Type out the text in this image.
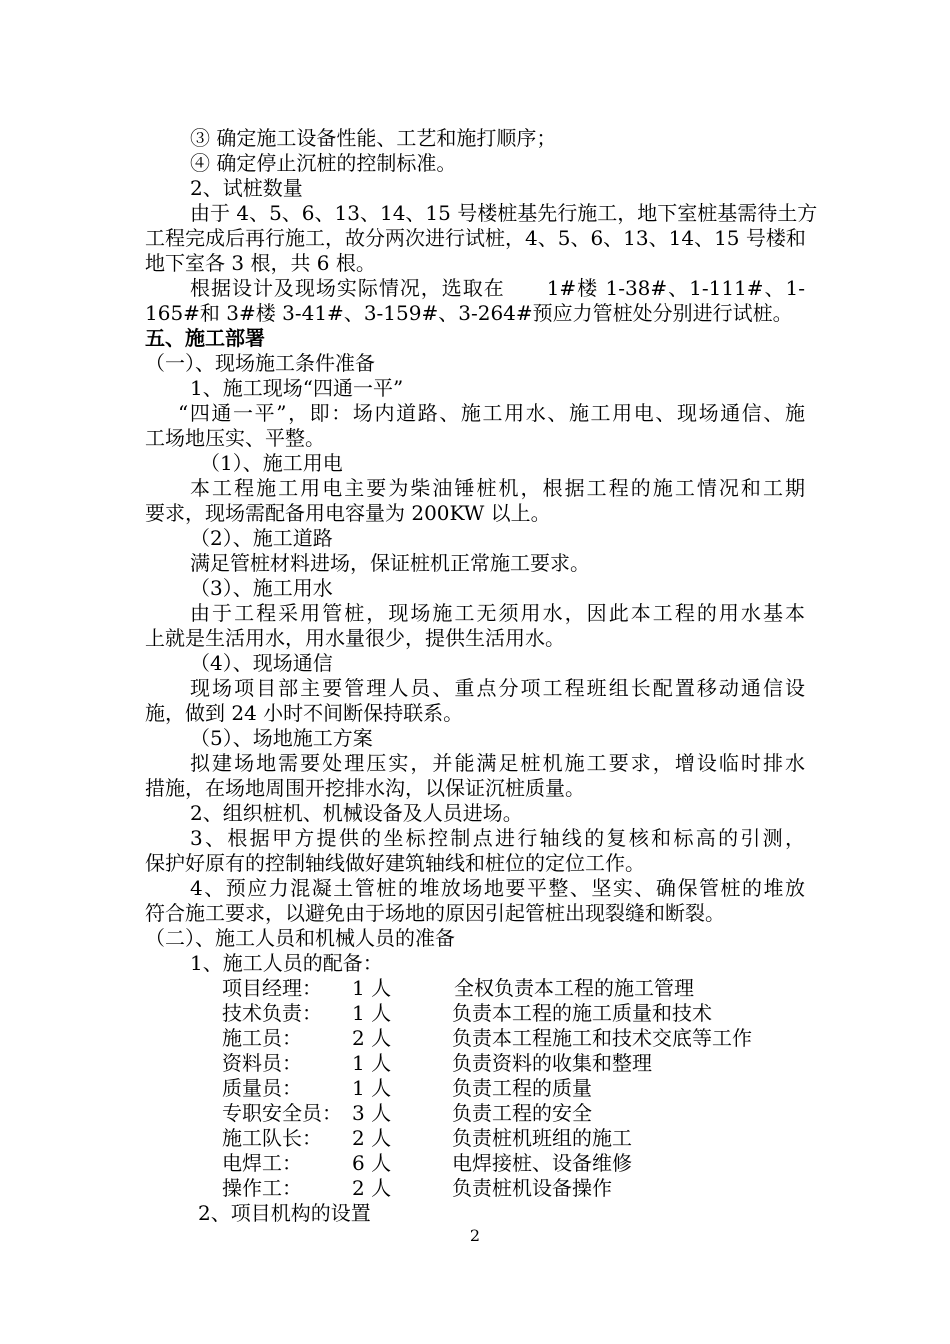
③ 确定施工设备性能、工艺和施打顺序；
④ 确定停止沉桩的控制标准。
2、试桩数量
由于 4、5、6、13、14、15 号楼桩基先行施工，地下室桩基需待土方
工程完成后再行施工，故分两次进行试桩，4、5、6、13、14、15 号楼和
地下室各 3 根，共 6 根。
根据设计及现场实际情况，选取在　　1#楼 1-38#、1-111#、1-
165#和 3#楼 3-41#、3-159#、3-264#预应力管桩处分别进行试桩。
五、施工部署
（一）、现场施工条件准备
1、施工现场“四通一平”
“四通一平”，即：场内道路、施工用水、施工用电、现场通信、施
工场地压实、平整。
（1）、施工用电
本工程施工用电主要为柴油锤桩机，根据工程的施工情况和工期
要求，现场需配备用电容量为 200KW 以上。
（2）、施工道路
满足管桩材料进场，保证桩机正常施工要求。
（3）、施工用水
由于工程采用管桩，现场施工无须用水，因此本工程的用水基本
上就是生活用水，用水量很少，提供生活用水。
（4）、现场通信
现场项目部主要管理人员、重点分项工程班组长配置移动通信设
施，做到 24 小时不间断保持联系。
（5）、场地施工方案
拟建场地需要处理压实，并能满足桩机施工要求，增设临时排水
措施，在场地周围开挖排水沟，以保证沉桩质量。
2、组织桩机、机械设备及人员进场。
3、根据甲方提供的坐标控制点进行轴线的复核和标高的引测，
保护好原有的控制轴线做好建筑轴线和桩位的定位工作。
4、预应力混凝土管桩的堆放场地要平整、坚实、确保管桩的堆放
符合施工要求，以避免由于场地的原因引起管桩出现裂缝和断裂。
（二）、施工人员和机械人员的准备
1、施工人员的配备：
项目经理： 1 人	全权负责本工程的施工管理
技术负责： 1 人	负责本工程的施工质量和技术
施工员：	2 人	负责本工程施工和技术交底等工作
资料员：	1 人	负责资料的收集和整理
质量员：	1 人	负责工程的质量
专职安全员： 3 人	负责工程的安全
施工队长： 2 人	负责桩机班组的施工
电焊工：	6 人	电焊接桩、设备维修
操作工：	2 人	负责桩机设备操作
2、项目机构的设置
2
